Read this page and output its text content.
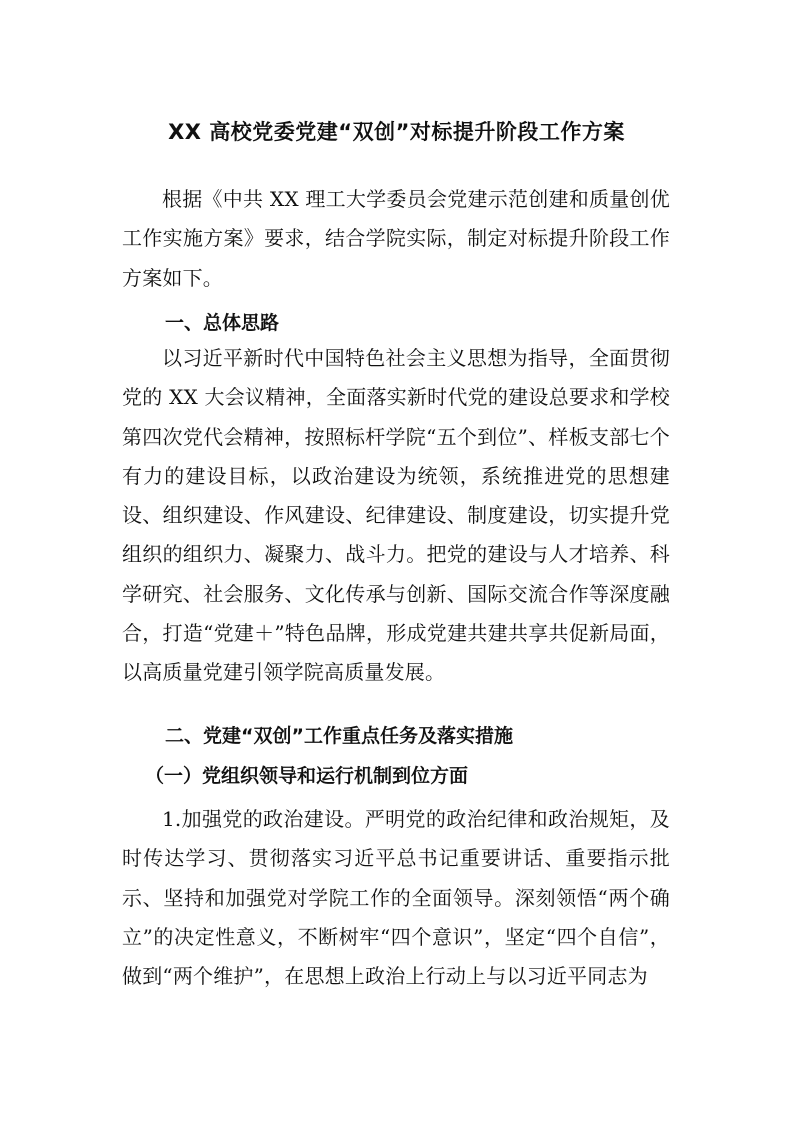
XX 高校党委党建“双创”对标提升阶段工作方案

根据《中共 XX 理工大学委员会党建示范创建和质量创优工作实施方案》要求，结合学院实际，制定对标提升阶段工作方案如下。

一、总体思路

以习近平新时代中国特色社会主义思想为指导，全面贯彻党的 XX 大会议精神，全面落实新时代党的建设总要求和学校第四次党代会精神，按照标杆学院“五个到位”、样板支部七个有力的建设目标，以政治建设为统领，系统推进党的思想建设、组织建设、作风建设、纪律建设、制度建设，切实提升党组织的组织力、凝聚力、战斗力。把党的建设与人才培养、科学研究、社会服务、文化传承与创新、国际交流合作等深度融合，打造“党建＋”特色品牌，形成党建共建共享共促新局面，以高质量党建引领学院高质量发展。

二、党建“双创”工作重点任务及落实措施
（一）党组织领导和运行机制到位方面

1.加强党的政治建设。严明党的政治纪律和政治规矩，及时传达学习、贯彻落实习近平总书记重要讲话、重要指示批示、坚持和加强党对学院工作的全面领导。深刻领悟“两个确立”的决定性意义，不断树牢“四个意识”，坚定“四个自信”，做到“两个维护”，在思想上政治上行动上与以习近平同志为
